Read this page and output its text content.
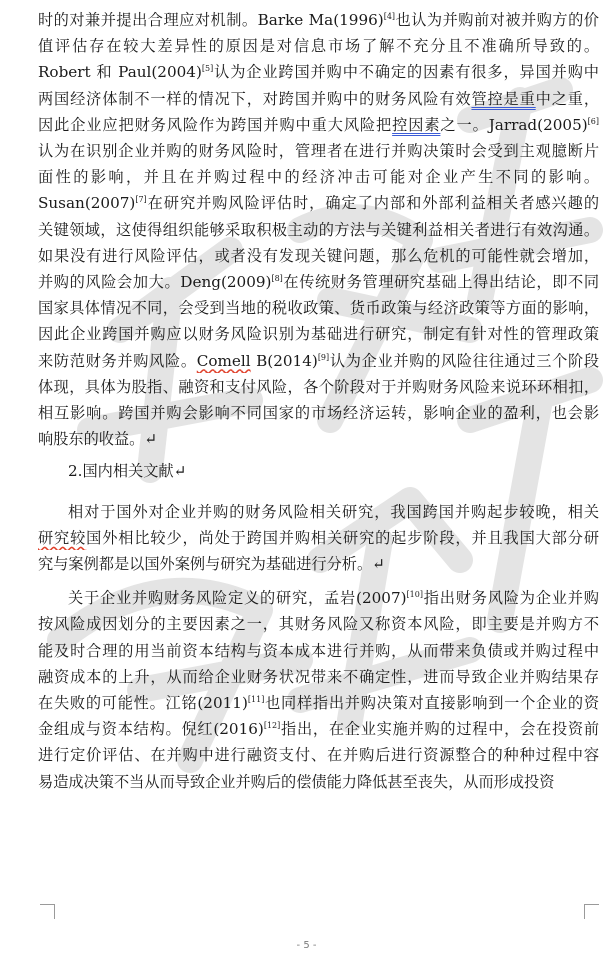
时的对兼并提出合理应对机制。Barke Ma(1996)[4]也认为并购前对被并购方的价
值评估存在较大差异性的原因是对信息市场了解不充分且不准确所导致的。
Robert 和 Paul(2004)[5]认为企业跨国并购中不确定的因素有很多，异国并购中
两国经济体制不一样的情况下，对跨国并购中的财务风险有效管控是重中之重，
因此企业应把财务风险作为跨国并购中重大风险把控因素之一。Jarrad(2005)[6]
认为在识别企业并购的财务风险时，管理者在进行并购决策时会受到主观臆断片
面性的影响，并且在并购过程中的经济冲击可能对企业产生不同的影响。
Susan(2007)[7]在研究并购风险评估时，确定了内部和外部利益相关者感兴趣的
关键领域，这使得组织能够采取积极主动的方法与关键利益相关者进行有效沟通。
如果没有进行风险评估，或者没有发现关键问题，那么危机的可能性就会增加，
并购的风险会加大。Deng(2009)[8]在传统财务管理研究基础上得出结论，即不同
国家具体情况不同，会受到当地的税收政策、货币政策与经济政策等方面的影响，
因此企业跨国并购应以财务风险识别为基础进行研究，制定有针对性的管理政策
来防范财务并购风险。Comell B(2014)[9]认为企业并购的风险往往通过三个阶段
体现，具体为股指、融资和支付风险，各个阶段对于并购财务风险来说环环相扣，
相互影响。跨国并购会影响不同国家的市场经济运转，影响企业的盈利，也会影
响股东的收益。↵
2.国内相关文献↵
相对于国外对企业并购的财务风险相关研究，我国跨国并购起步较晚，相关
研究较国外相比较少，尚处于跨国并购相关研究的起步阶段，并且我国大部分研
究与案例都是以国外案例与研究为基础进行分析。↵
关于企业并购财务风险定义的研究，孟岩(2007)[10]指出财务风险为企业并购
按风险成因划分的主要因素之一，其财务风险又称资本风险，即主要是并购方不
能及时合理的用当前资本结构与资本成本进行并购，从而带来负债或并购过程中
融资成本的上升，从而给企业财务状况带来不确定性，进而导致企业并购结果存
在失败的可能性。江铭(2011)[11]也同样指出并购决策对直接影响到一个企业的资
金组成与资本结构。倪红(2016)[12]指出，在企业实施并购的过程中，会在投资前
进行定价评估、在并购中进行融资支付、在并购后进行资源整合的种种过程中容
易造成决策不当从而导致企业并购后的偿债能力降低甚至丧失，从而形成投资
- 5 -
